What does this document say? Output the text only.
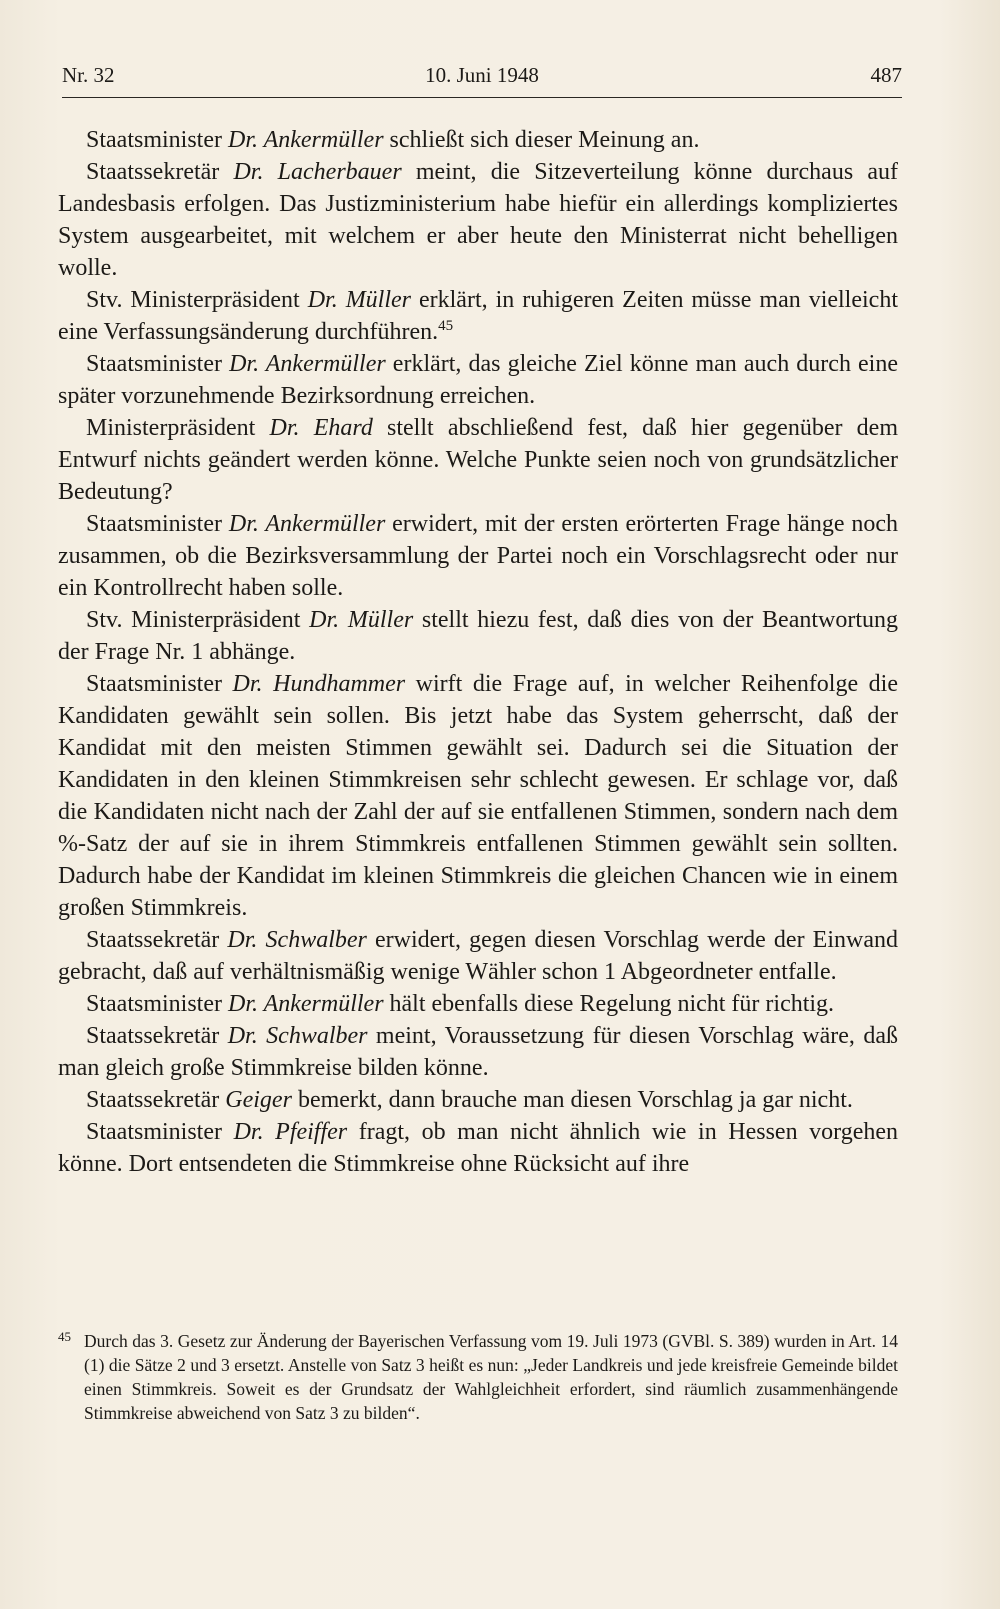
Nr. 32	10. Juni 1948	487

Staatsminister Dr. Ankermüller schließt sich dieser Meinung an.

Staatssekretär Dr. Lacherbauer meint, die Sitzeverteilung könne durchaus auf Landesbasis erfolgen. Das Justizministerium habe hiefür ein allerdings kompliziertes System ausgearbeitet, mit welchem er aber heute den Ministerrat nicht behelligen wolle.

Stv. Ministerpräsident Dr. Müller erklärt, in ruhigeren Zeiten müsse man vielleicht eine Verfassungsänderung durchführen.$^{45}$

Staatsminister Dr. Ankermüller erklärt, das gleiche Ziel könne man auch durch eine später vorzunehmende Bezirksordnung erreichen.

Ministerpräsident Dr. Ehard stellt abschließend fest, daß hier gegenüber dem Entwurf nichts geändert werden könne. Welche Punkte seien noch von grundsätzlicher Bedeutung?

Staatsminister Dr. Ankermüller erwidert, mit der ersten erörterten Frage hänge noch zusammen, ob die Bezirksversammlung der Partei noch ein Vorschlagsrecht oder nur ein Kontrollrecht haben solle.

Stv. Ministerpräsident Dr. Müller stellt hiezu fest, daß dies von der Beantwortung der Frage Nr. 1 abhänge.

Staatsminister Dr. Hundhammer wirft die Frage auf, in welcher Reihenfolge die Kandidaten gewählt sein sollen. Bis jetzt habe das System geherrscht, daß der Kandidat mit den meisten Stimmen gewählt sei. Dadurch sei die Situation der Kandidaten in den kleinen Stimmkreisen sehr schlecht gewesen. Er schlage vor, daß die Kandidaten nicht nach der Zahl der auf sie entfallenen Stimmen, sondern nach dem %-Satz der auf sie in ihrem Stimmkreis entfallenen Stimmen gewählt sein sollten. Dadurch habe der Kandidat im kleinen Stimmkreis die gleichen Chancen wie in einem großen Stimmkreis.

Staatssekretär Dr. Schwalber erwidert, gegen diesen Vorschlag werde der Einwand gebracht, daß auf verhältnismäßig wenige Wähler schon 1 Abgeordneter entfalle.

Staatsminister Dr. Ankermüller hält ebenfalls diese Regelung nicht für richtig.

Staatssekretär Dr. Schwalber meint, Voraussetzung für diesen Vorschlag wäre, daß man gleich große Stimmkreise bilden könne.

Staatssekretär Geiger bemerkt, dann brauche man diesen Vorschlag ja gar nicht.

Staatsminister Dr. Pfeiffer fragt, ob man nicht ähnlich wie in Hessen vorgehen könne. Dort entsendeten die Stimmkreise ohne Rücksicht auf ihre

45 Durch das 3. Gesetz zur Änderung der Bayerischen Verfassung vom 19. Juli 1973 (GVBl. S. 389) wurden in Art. 14 (1) die Sätze 2 und 3 ersetzt. Anstelle von Satz 3 heißt es nun: „Jeder Landkreis und jede kreisfreie Gemeinde bildet einen Stimmkreis. Soweit es der Grundsatz der Wahlgleichheit erfordert, sind räumlich zusammenhängende Stimmkreise abweichend von Satz 3 zu bilden“.
